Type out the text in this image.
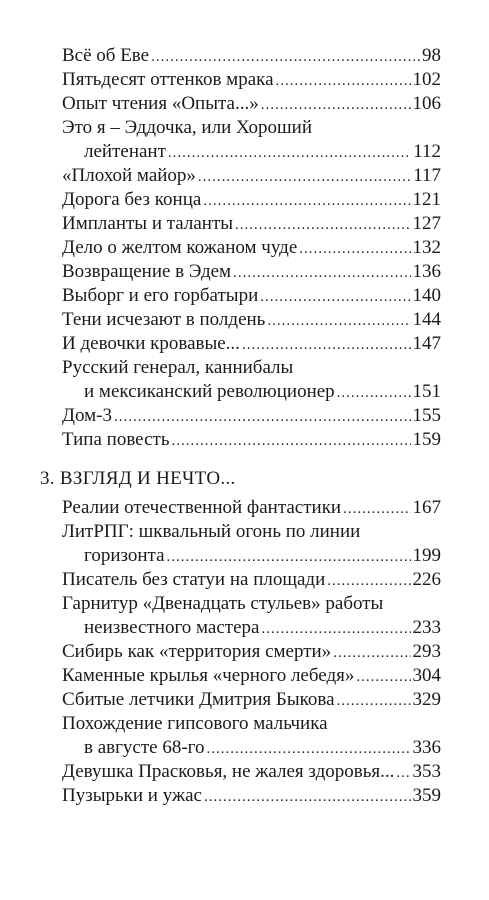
Всё об Еве .....	98
Пятьдесят оттенков мрака .....	102
Опыт чтения «Опыта...» .....	106
Это я – Эддочка, или Хороший
лейтенант .....	112
«Плохой майор» .....	117
Дорога без конца .....	121
Импланты и таланты .....	127
Дело о желтом кожаном чуде .....	132
Возвращение в Эдем .....	136
Выборг и его горбатыри .....	140
Тени исчезают в полдень .....	144
И девочки кровавые... .....	147
Русский генерал, каннибалы
и мексиканский революционер .....	151
Дом-3 .....	155
Типа повесть .....	159
3. ВЗГЛЯД И НЕЧТО...
Реалии отечественной фантастики .....	167
ЛитРПГ: шквальный огонь по линии
горизонта .....	199
Писатель без статуи на площади .....	226
Гарнитур «Двенадцать стульев» работы
неизвестного мастера .....	233
Сибирь как «территория смерти» .....	293
Каменные крылья «черного лебедя» .....	304
Сбитые летчики Дмитрия Быкова .....	329
Похождение гипсового мальчика
в августе 68-го .....	336
Девушка Прасковья, не жалея здоровья... ..... 353
Пузырьки и ужас .....	359
